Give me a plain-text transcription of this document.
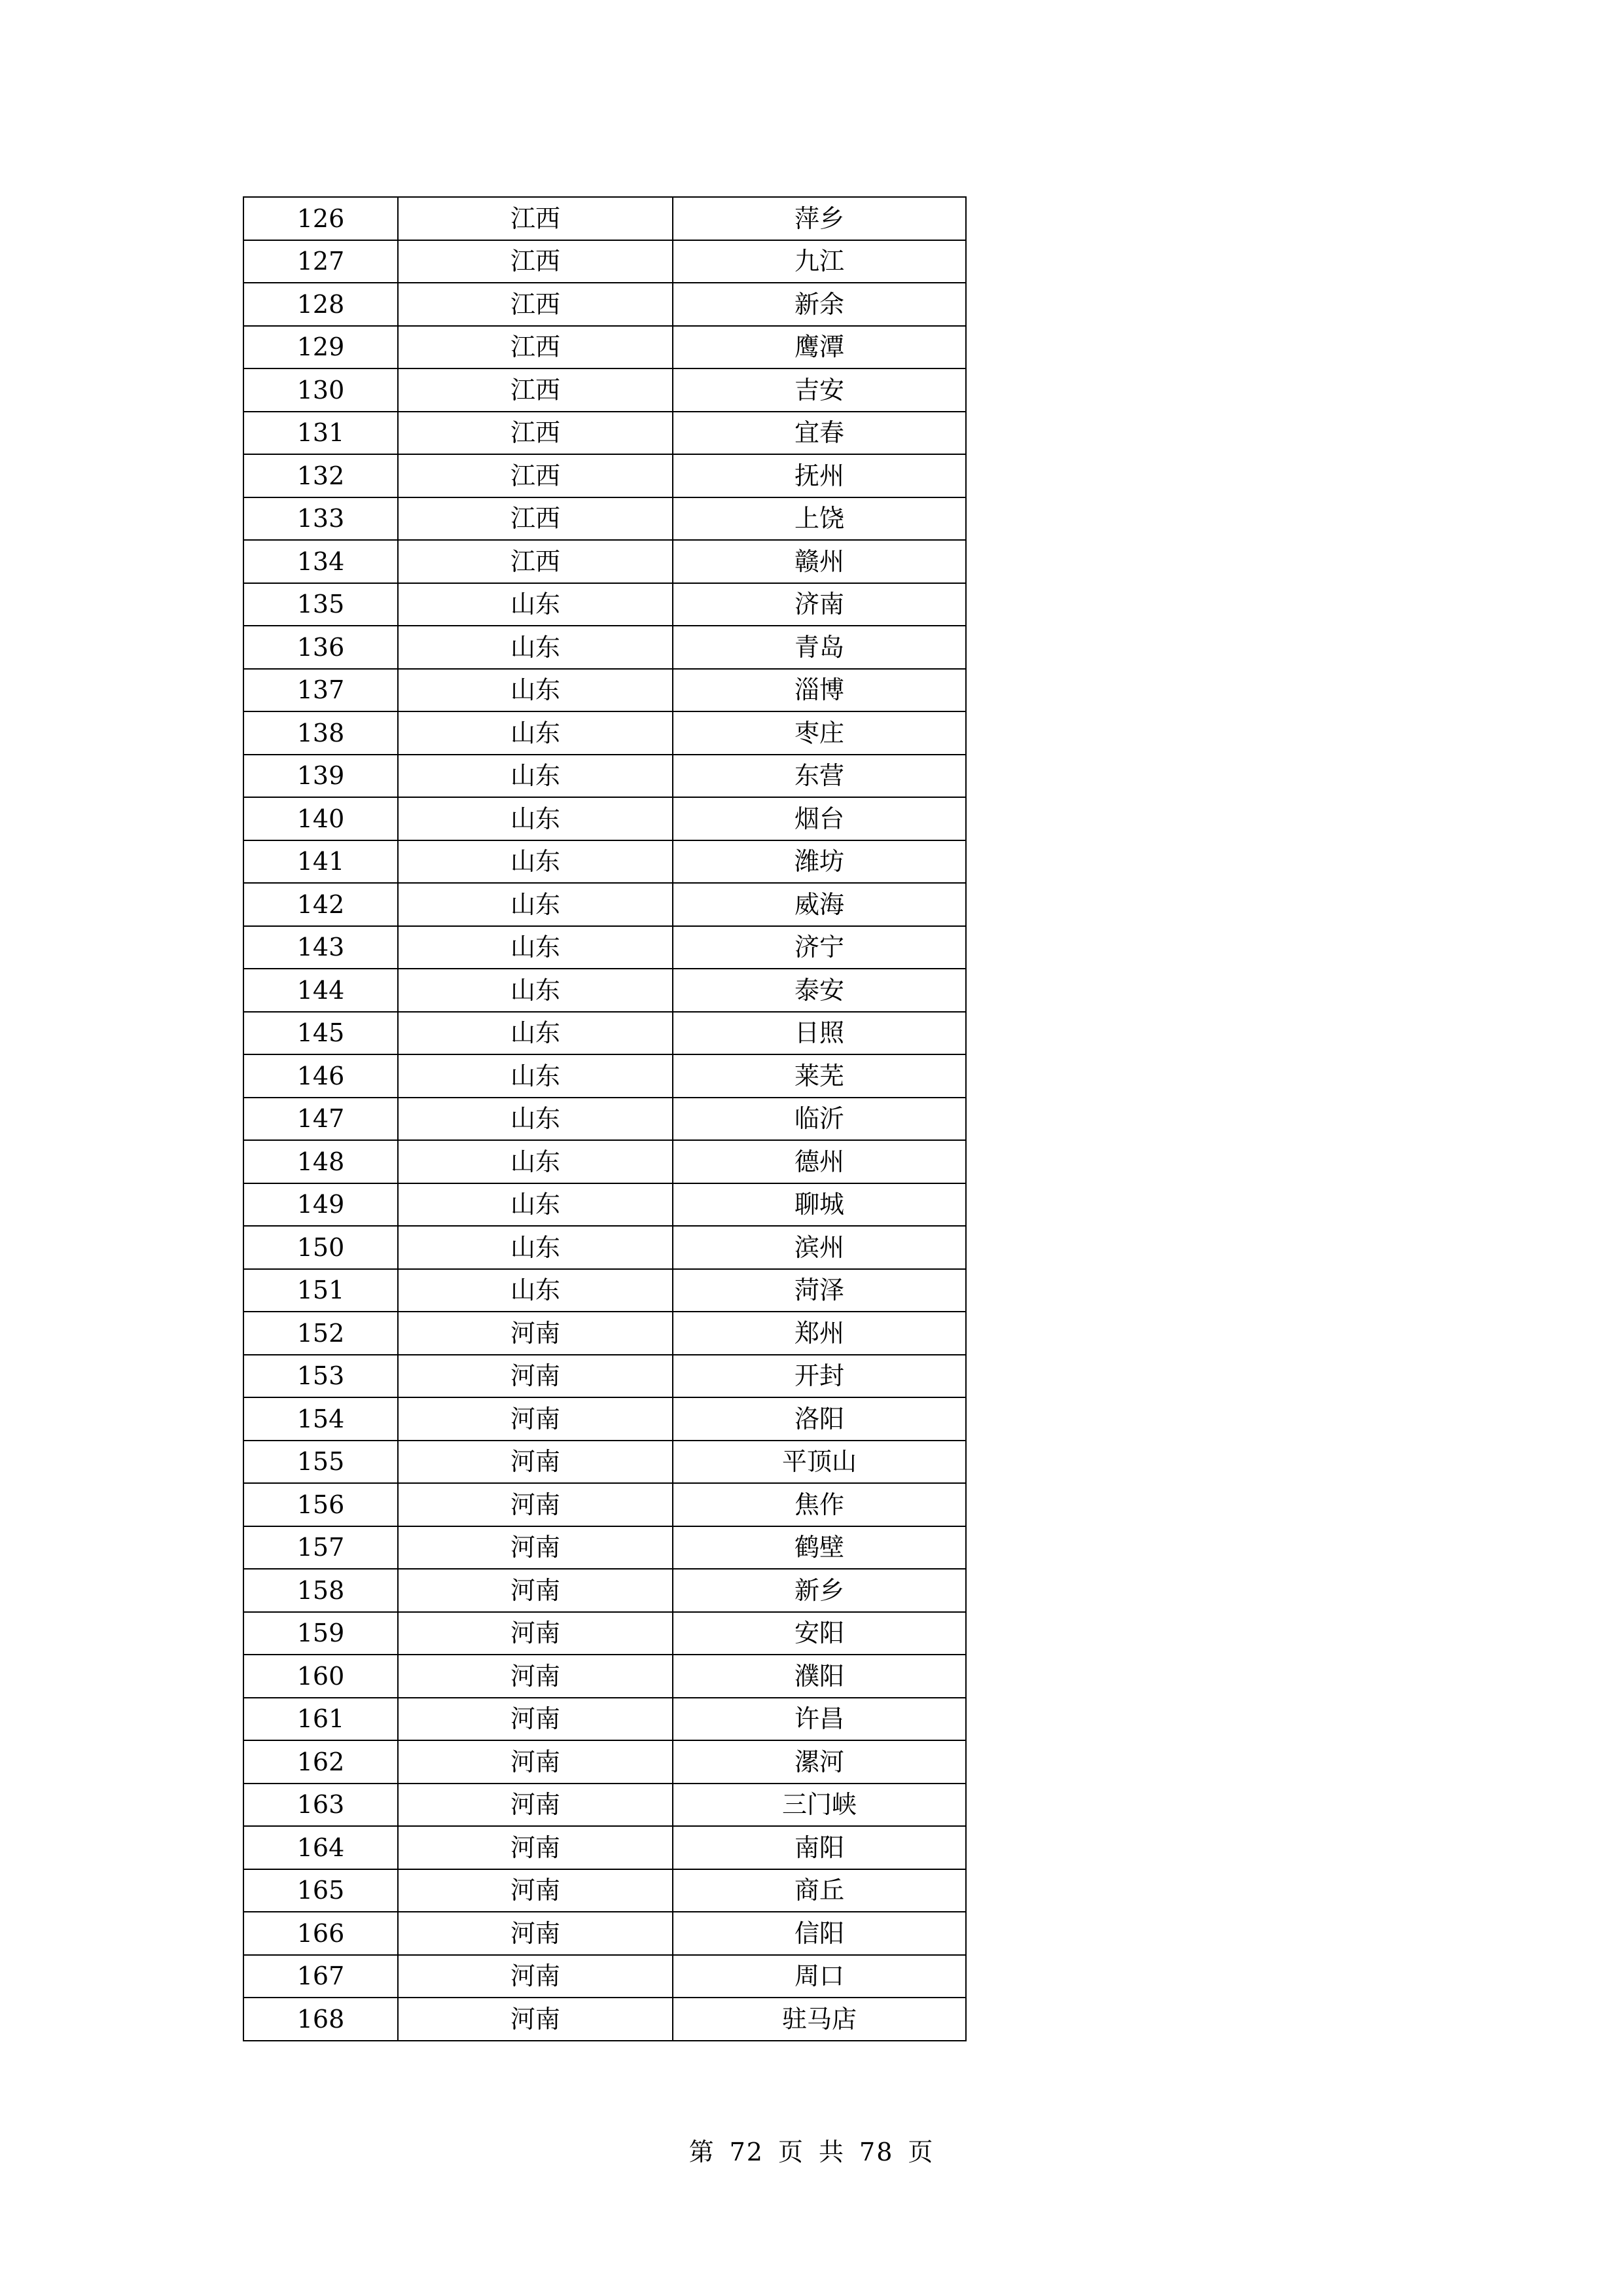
126	江西	萍乡
127	江西	九江
128	江西	新余
129	江西	鹰潭
130	江西	吉安
131	江西	宜春
132	江西	抚州
133	江西	上饶
134	江西	赣州
135	山东	济南
136	山东	青岛
137	山东	淄博
138	山东	枣庄
139	山东	东营
140	山东	烟台
141	山东	潍坊
142	山东	威海
143	山东	济宁
144	山东	泰安
145	山东	日照
146	山东	莱芜
147	山东	临沂
148	山东	德州
149	山东	聊城
150	山东	滨州
151	山东	菏泽
152	河南	郑州
153	河南	开封
154	河南	洛阳
155	河南	平顶山
156	河南	焦作
157	河南	鹤壁
158	河南	新乡
159	河南	安阳
160	河南	濮阳
161	河南	许昌
162	河南	漯河
163	河南	三门峡
164	河南	南阳
165	河南	商丘
166	河南	信阳
167	河南	周口
168	河南	驻马店
第 72 页 共 78 页
